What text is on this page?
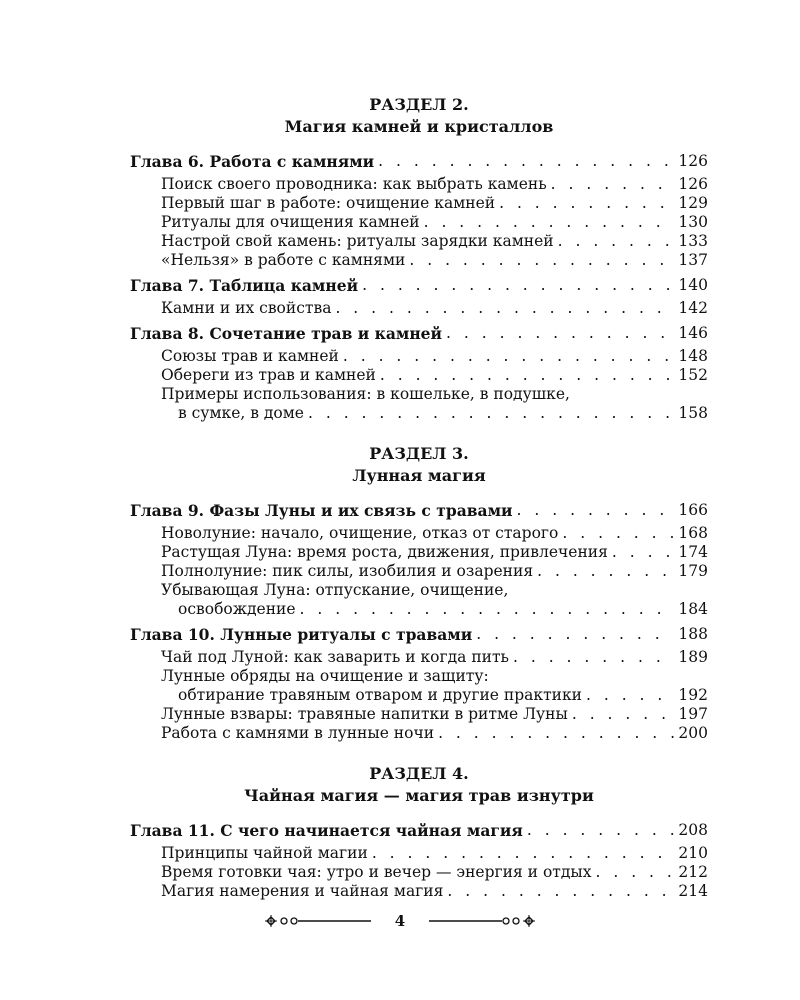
РАЗДЕЛ 2.
Магия камней и кристаллов
Глава 6. Работа с камнями . . .	126
Поиск своего проводника: как выбрать камень . . .	126
Первый шаг в работе: очищение камней . . .	129
Ритуалы для очищения камней . . .	130
Настрой свой камень: ритуалы зарядки камней . . .	133
«Нельзя» в работе с камнями . . .	137
Глава 7. Таблица камней . . .	140
Камни и их свойства . . .	142
Глава 8. Сочетание трав и камней . . .	146
Союзы трав и камней . . .	148
Обереги из трав и камней . . .	152
Примеры использования: в кошельке, в подушке,
в сумке, в доме . . .	158
РАЗДЕЛ 3.
Лунная магия
Глава 9. Фазы Луны и их связь с травами . . .	166
Новолуние: начало, очищение, отказ от старого . . .	168
Растущая Луна: время роста, движения, привлечения . . .	174
Полнолуние: пик силы, изобилия и озарения . . .	179
Убывающая Луна: отпускание, очищение,
освобождение . . .	184
Глава 10. Лунные ритуалы с травами . . .	188
Чай под Луной: как заварить и когда пить . . .	189
Лунные обряды на очищение и защиту:
обтирание травяным отваром и другие практики . . .	192
Лунные взвары: травяные напитки в ритме Луны . . .	197
Работа с камнями в лунные ночи . . .	200
РАЗДЕЛ 4.
Чайная магия — магия трав изнутри
Глава 11. С чего начинается чайная магия . . .	208
Принципы чайной магии . . .	210
Время готовки чая: утро и вечер — энергия и отдых . . .	212
Магия намерения и чайная магия . . .	214
4
